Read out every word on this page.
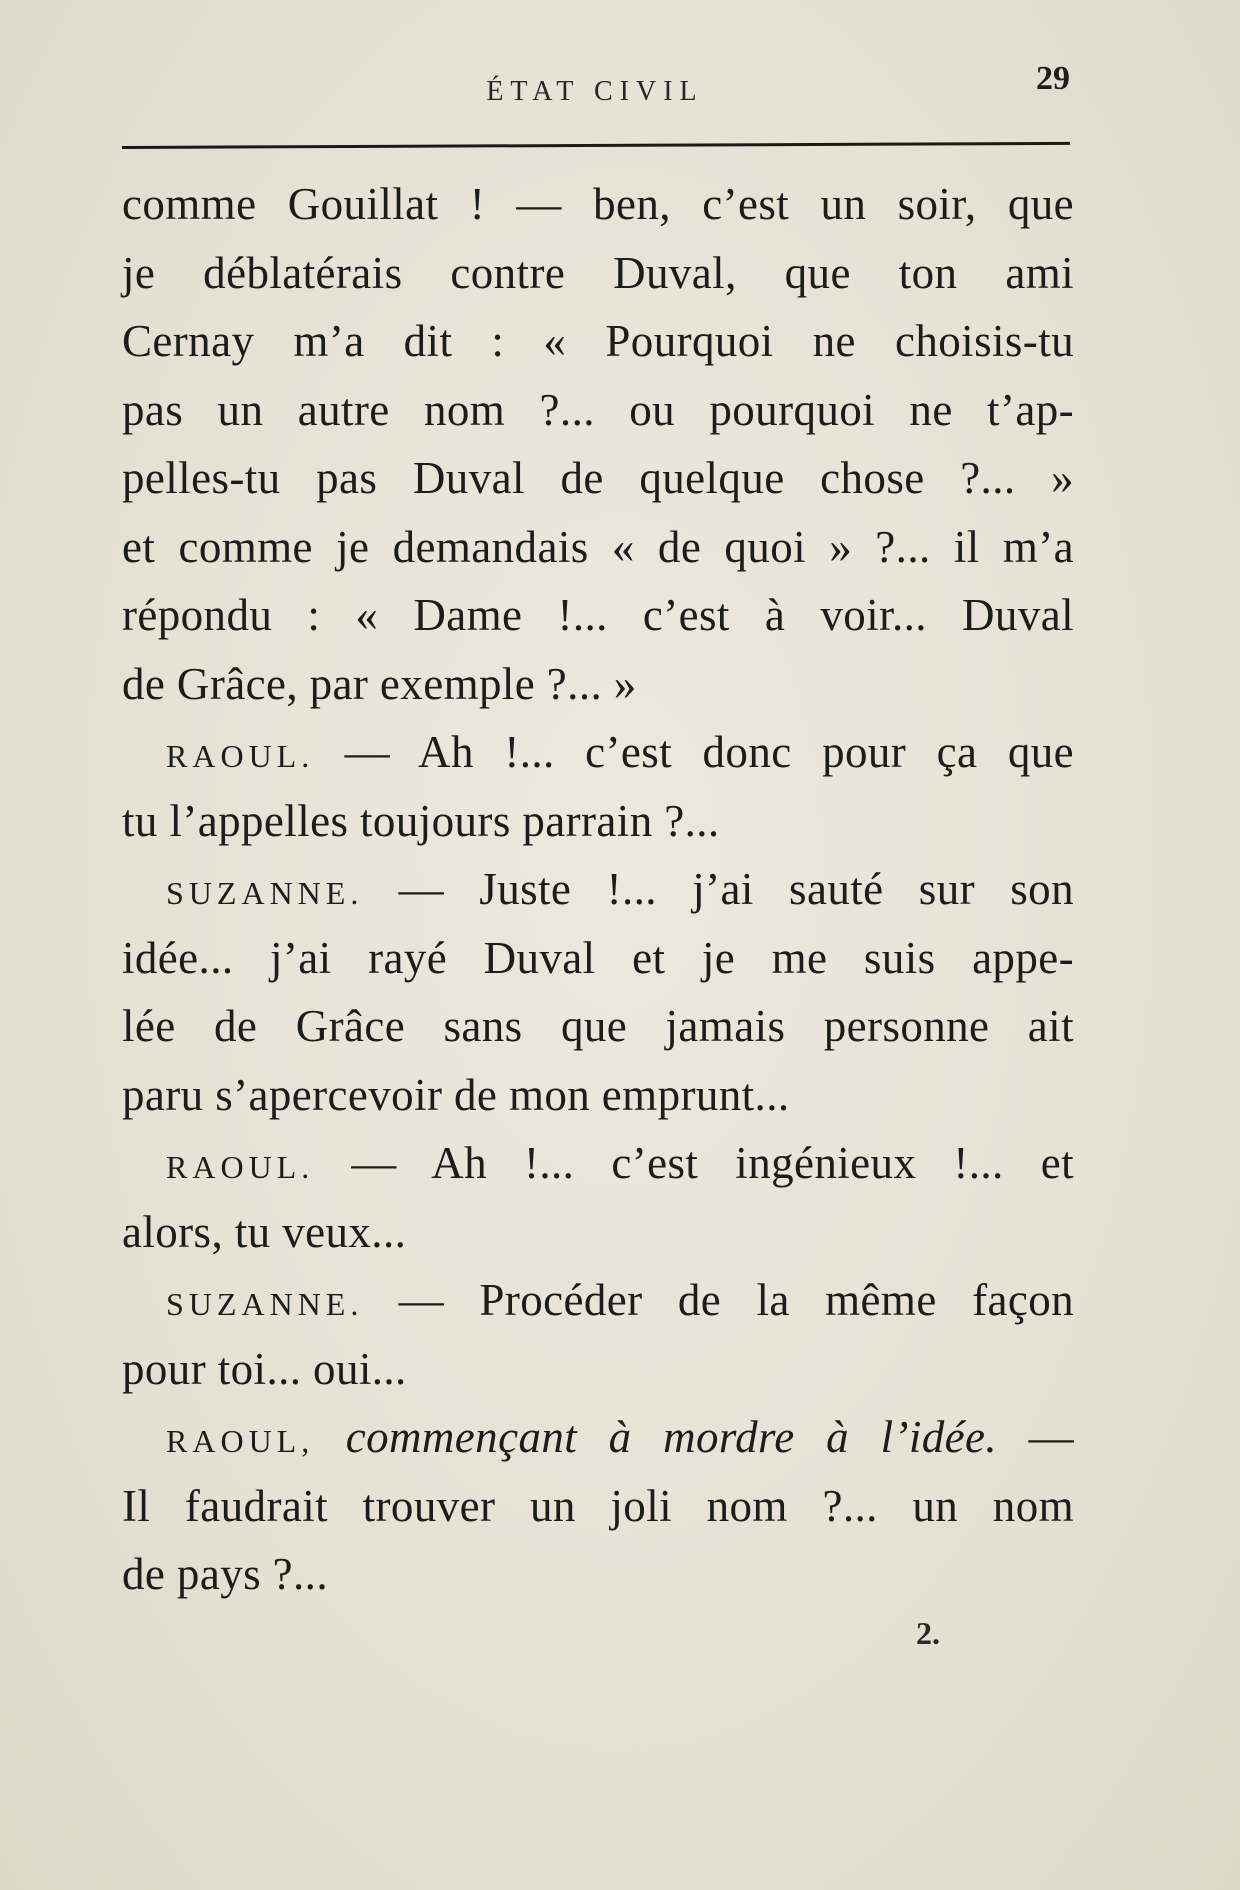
ÉTAT CIVIL	29
comme Gouillat ! — ben, c’est un soir, que
je déblatérais contre Duval, que ton ami
Cernay m’a dit : « Pourquoi ne choisis-tu
pas un autre nom ?... ou pourquoi ne t’ap-
pelles-tu pas Duval de quelque chose ?... »
et comme je demandais « de quoi » ?... il m’a
répondu : « Dame !... c’est à voir... Duval
de Grâce, par exemple ?... »
RAOUL. — Ah !... c’est donc pour ça que
tu l’appelles toujours parrain ?...
SUZANNE. — Juste !... j’ai sauté sur son
idée... j’ai rayé Duval et je me suis appe-
lée de Grâce sans que jamais personne ait
paru s’apercevoir de mon emprunt...
RAOUL. — Ah !... c’est ingénieux !... et
alors, tu veux...
SUZANNE. — Procéder de la même façon
pour toi... oui...
RAOUL, commençant à mordre à l’idée. —
Il faudrait trouver un joli nom ?... un nom
de pays ?...
2.
